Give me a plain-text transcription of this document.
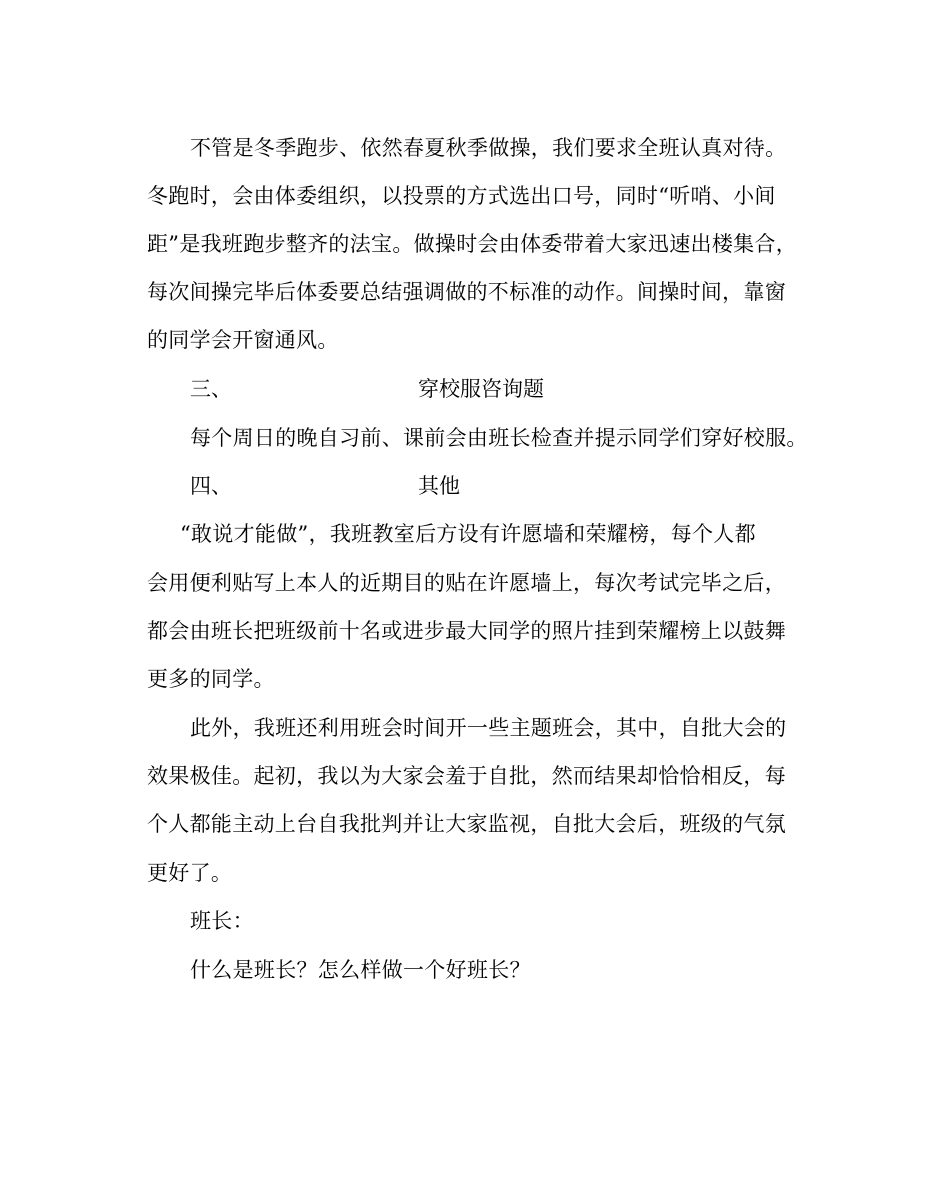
不管是冬季跑步、依然春夏秋季做操，我们要求全班认真对待。
冬跑时，会由体委组织，以投票的方式选出口号，同时“听哨、小间
距”是我班跑步整齐的法宝。做操时会由体委带着大家迅速出楼集合，
每次间操完毕后体委要总结强调做的不标准的动作。间操时间，靠窗
的同学会开窗通风。
三、	穿校服咨询题
每个周日的晚自习前、课前会由班长检查并提示同学们穿好校服。
四、	其他
“敢说才能做”，我班教室后方设有许愿墙和荣耀榜，每个人都
会用便利贴写上本人的近期目的贴在许愿墙上，每次考试完毕之后，
都会由班长把班级前十名或进步最大同学的照片挂到荣耀榜上以鼓舞
更多的同学。
此外，我班还利用班会时间开一些主题班会，其中，自批大会的
效果极佳。起初，我以为大家会羞于自批，然而结果却恰恰相反，每
个人都能主动上台自我批判并让大家监视，自批大会后，班级的气氛
更好了。
班长：
什么是班长？怎么样做一个好班长？
